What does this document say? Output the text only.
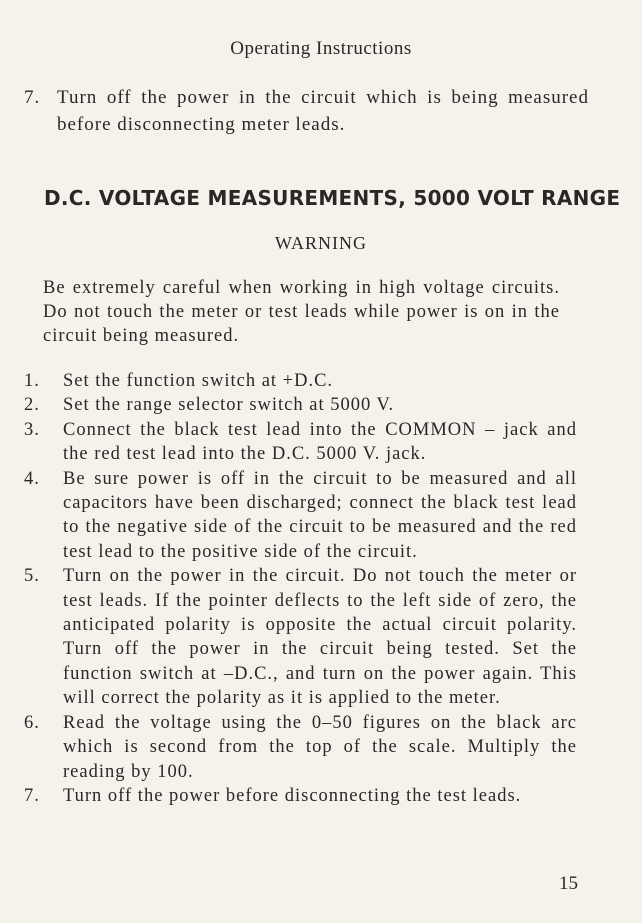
Operating Instructions
7. Turn off the power in the circuit which is being measured before disconnecting meter leads.
D.C. VOLTAGE MEASUREMENTS, 5000 VOLT RANGE
WARNING
Be extremely careful when working in high voltage circuits. Do not touch the meter or test leads while power is on in the circuit being measured.
1.	Set the function switch at +D.C.
2.	Set the range selector switch at 5000 V.
3.	Connect the black test lead into the COMMON – jack and the red test lead into the D.C. 5000 V. jack.
4.	Be sure power is off in the circuit to be measured and all capacitors have been discharged; connect the black test lead to the negative side of the circuit to be measured and the red test lead to the positive side of the circuit.
5.	Turn on the power in the circuit. Do not touch the meter or test leads. If the pointer deflects to the left side of zero, the anticipated polarity is opposite the actual circuit polarity. Turn off the power in the circuit being tested. Set the function switch at –D.C., and turn on the power again. This will correct the polarity as it is applied to the meter.
6.	Read the voltage using the 0–50 figures on the black arc which is second from the top of the scale. Multiply the reading by 100.
7.	Turn off the power before disconnecting the test leads.
15
